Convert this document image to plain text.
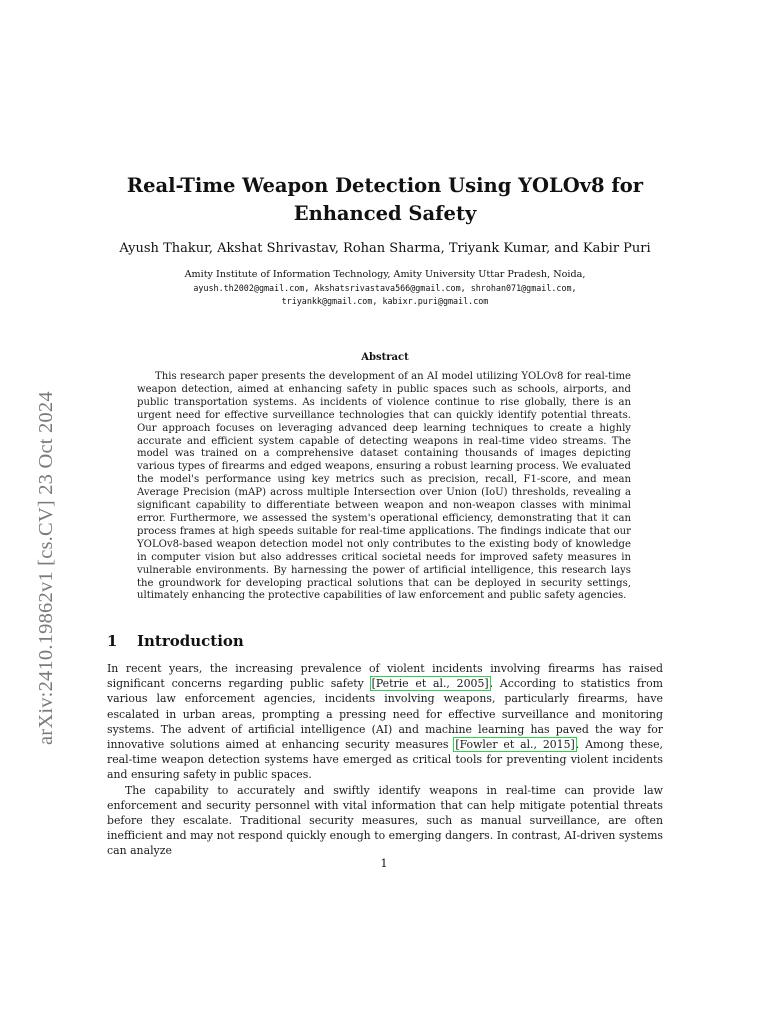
arXiv:2410.19862v1 [cs.CV] 23 Oct 2024
Real-Time Weapon Detection Using YOLOv8 for
Enhanced Safety
Ayush Thakur, Akshat Shrivastav, Rohan Sharma, Triyank Kumar, and Kabir Puri
Amity Institute of Information Technology, Amity University Uttar Pradesh, Noida,
ayush.th2002@gmail.com, Akshatsrivastava566@gmail.com, shrohan071@gmail.com,
triyankk@gmail.com, kabixr.puri@gmail.com
Abstract
This research paper presents the development of an AI model utilizing YOLOv8 for real-time weapon detection, aimed at enhancing safety in public spaces such as schools, airports, and public transportation systems. As incidents of violence continue to rise globally, there is an urgent need for effective surveillance technologies that can quickly identify potential threats. Our approach focuses on leveraging advanced deep learning techniques to create a highly accurate and efficient system capable of detecting weapons in real-time video streams. The model was trained on a comprehensive dataset containing thousands of images depicting various types of firearms and edged weapons, ensuring a robust learning process. We evaluated the model's performance using key metrics such as precision, recall, F1-score, and mean Average Precision (mAP) across multiple Intersection over Union (IoU) thresholds, revealing a significant capability to differentiate between weapon and non-weapon classes with minimal error. Furthermore, we assessed the system's operational efficiency, demonstrating that it can process frames at high speeds suitable for real-time applications. The findings indicate that our YOLOv8-based weapon detection model not only contributes to the existing body of knowledge in computer vision but also addresses critical societal needs for improved safety measures in vulnerable environments. By harnessing the power of artificial intelligence, this research lays the groundwork for developing practical solutions that can be deployed in security settings, ultimately enhancing the protective capabilities of law enforcement and public safety agencies.
1 Introduction

In recent years, the increasing prevalence of violent incidents involving firearms has raised significant concerns regarding public safety [Petrie et al., 2005]. According to statistics from various law enforcement agencies, incidents involving weapons, particularly firearms, have escalated in urban areas, prompting a pressing need for effective surveillance and monitoring systems. The advent of artificial intelligence (AI) and machine learning has paved the way for innovative solutions aimed at enhancing security measures [Fowler et al., 2015]. Among these, real-time weapon detection systems have emerged as critical tools for preventing violent incidents and ensuring safety in public spaces.

The capability to accurately and swiftly identify weapons in real-time can provide law enforcement and security personnel with vital information that can help mitigate potential threats before they escalate. Traditional security measures, such as manual surveillance, are often inefficient and may not respond quickly enough to emerging dangers. In contrast, AI-driven systems can analyze

1
